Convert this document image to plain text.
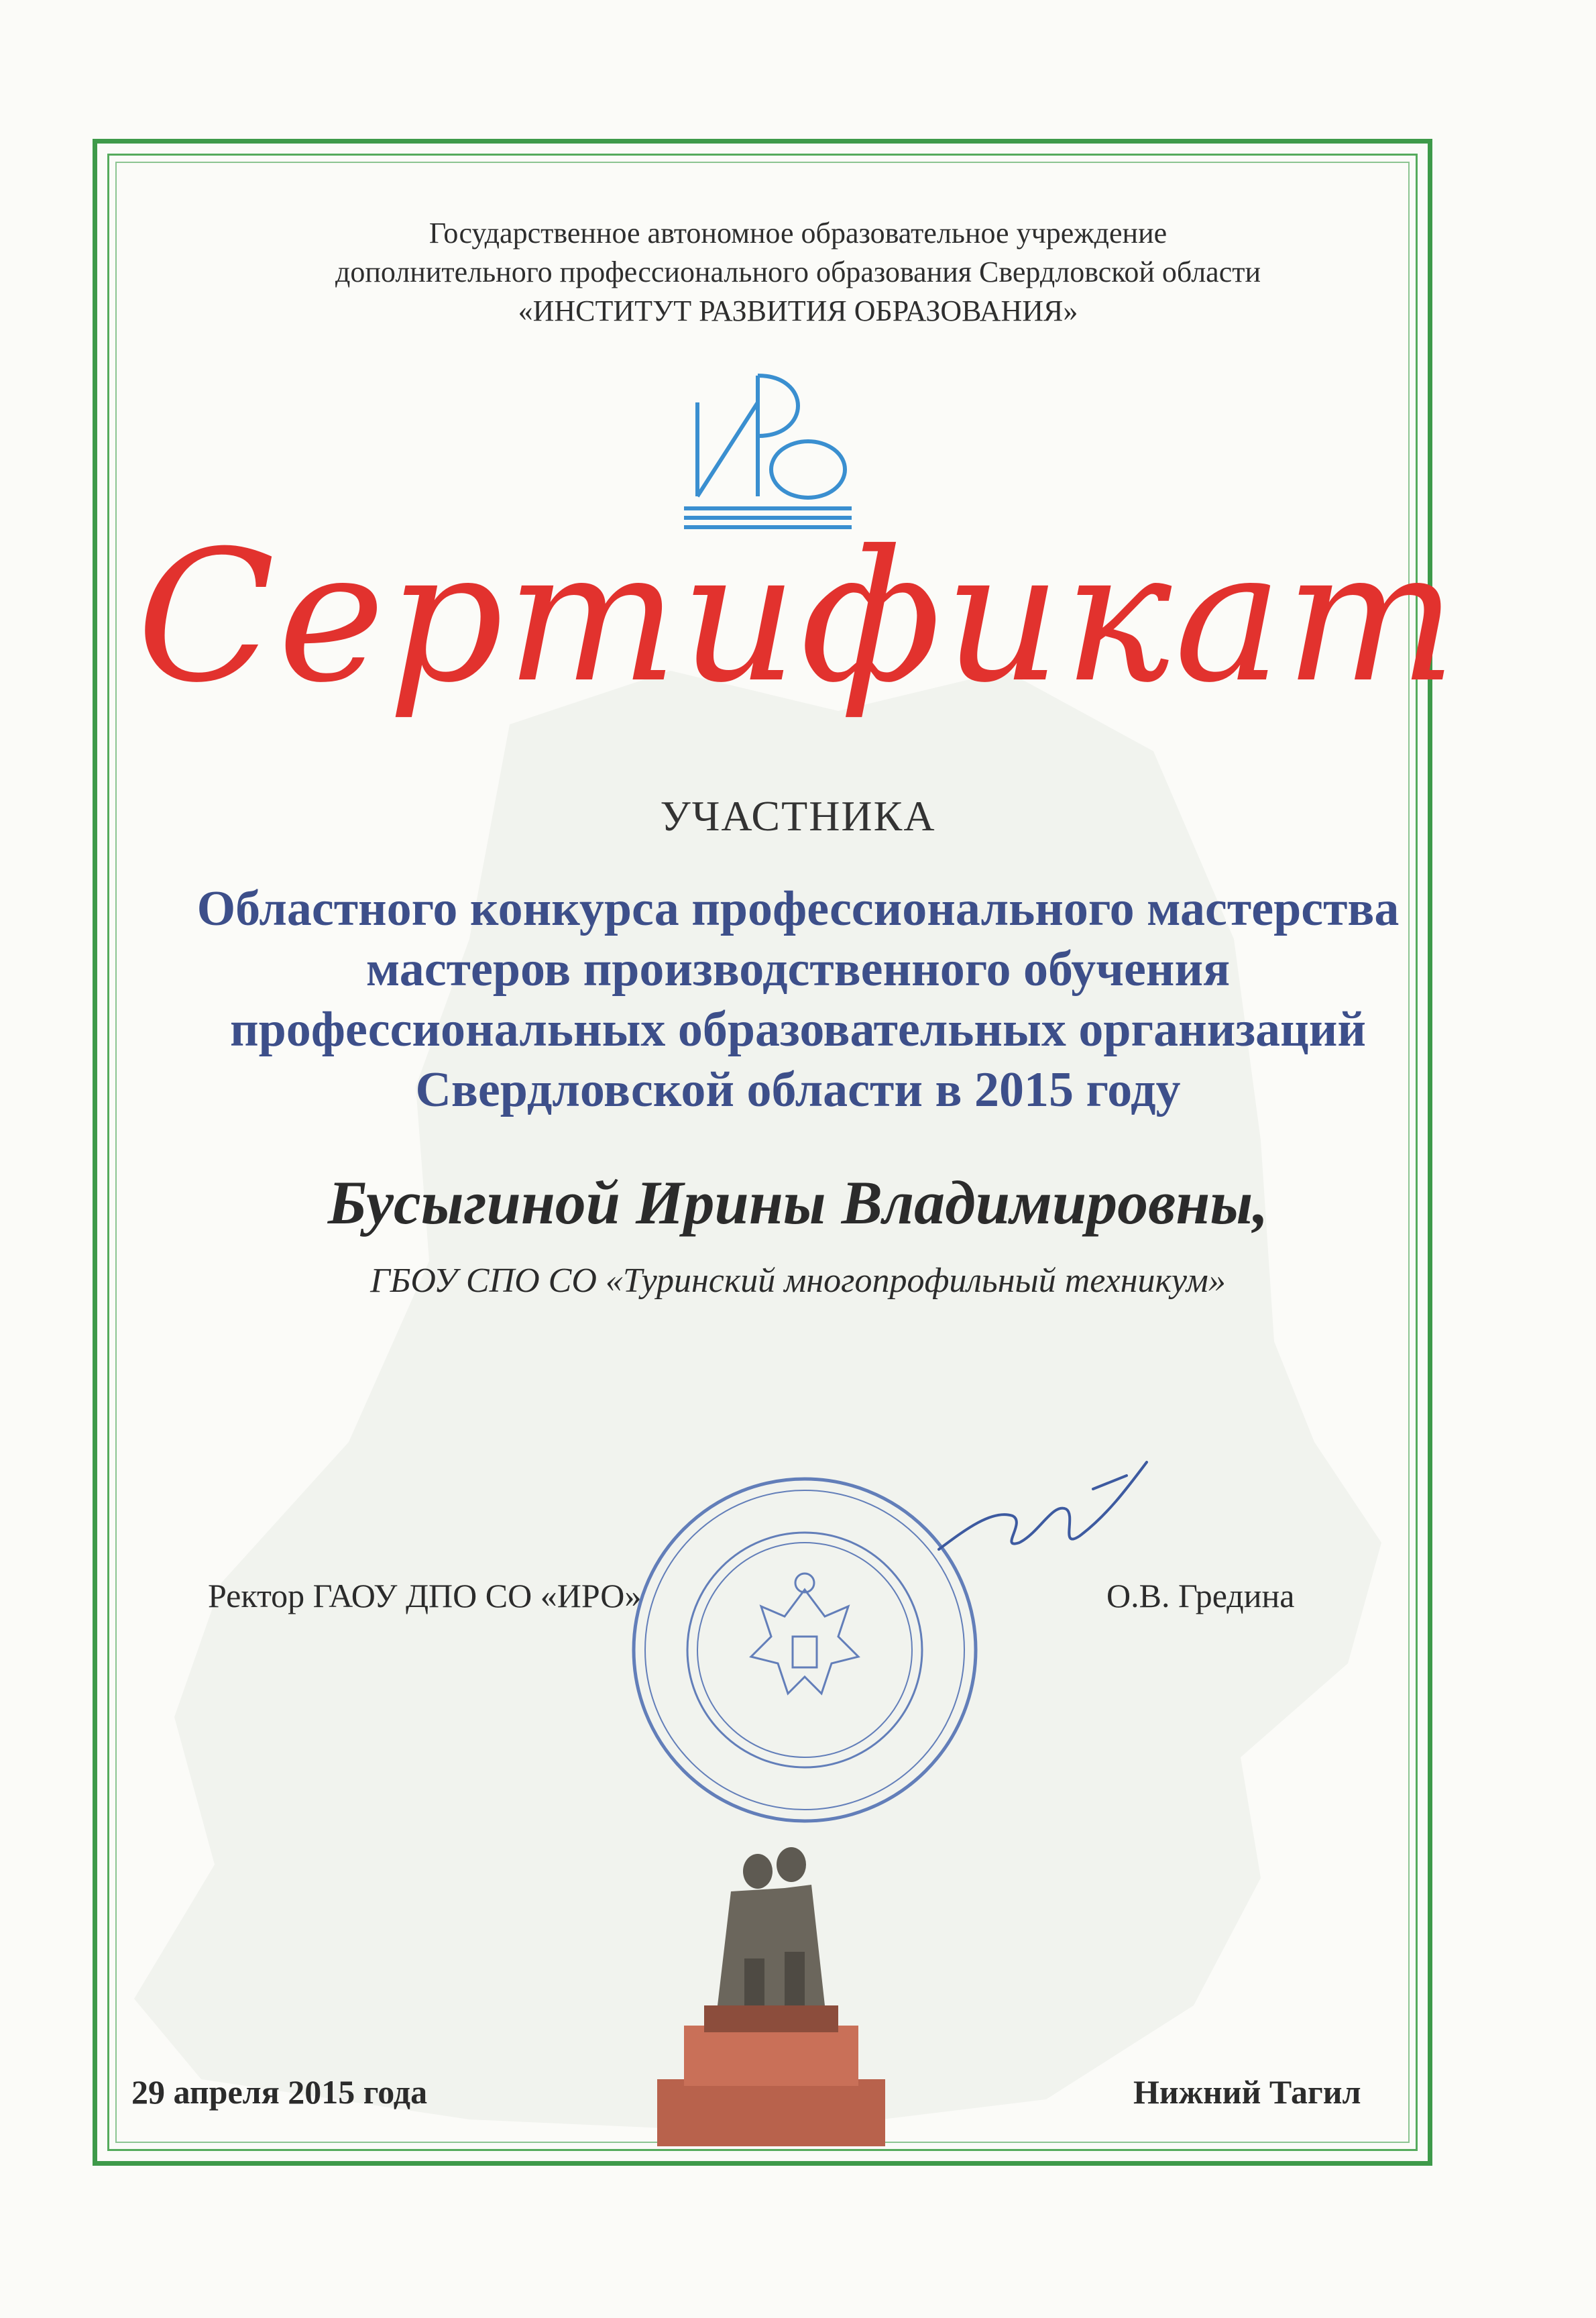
Государственное автономное образовательное учреждение
дополнительного профессионального образования Свердловской области
«ИНСТИТУТ РАЗВИТИЯ ОБРАЗОВАНИЯ»
Сертификат
УЧАСТНИКА
Областного конкурса профессионального мастерства
мастеров производственного обучения
профессиональных образовательных организаций
Свердловской области в 2015 году
Бусыгиной Ирины Владимировны,
ГБОУ СПО СО «Туринский многопрофильный техникум»
Ректор ГАОУ ДПО СО «ИРО»	О.В. Гредина
29 апреля 2015 года	Нижний Тагил
